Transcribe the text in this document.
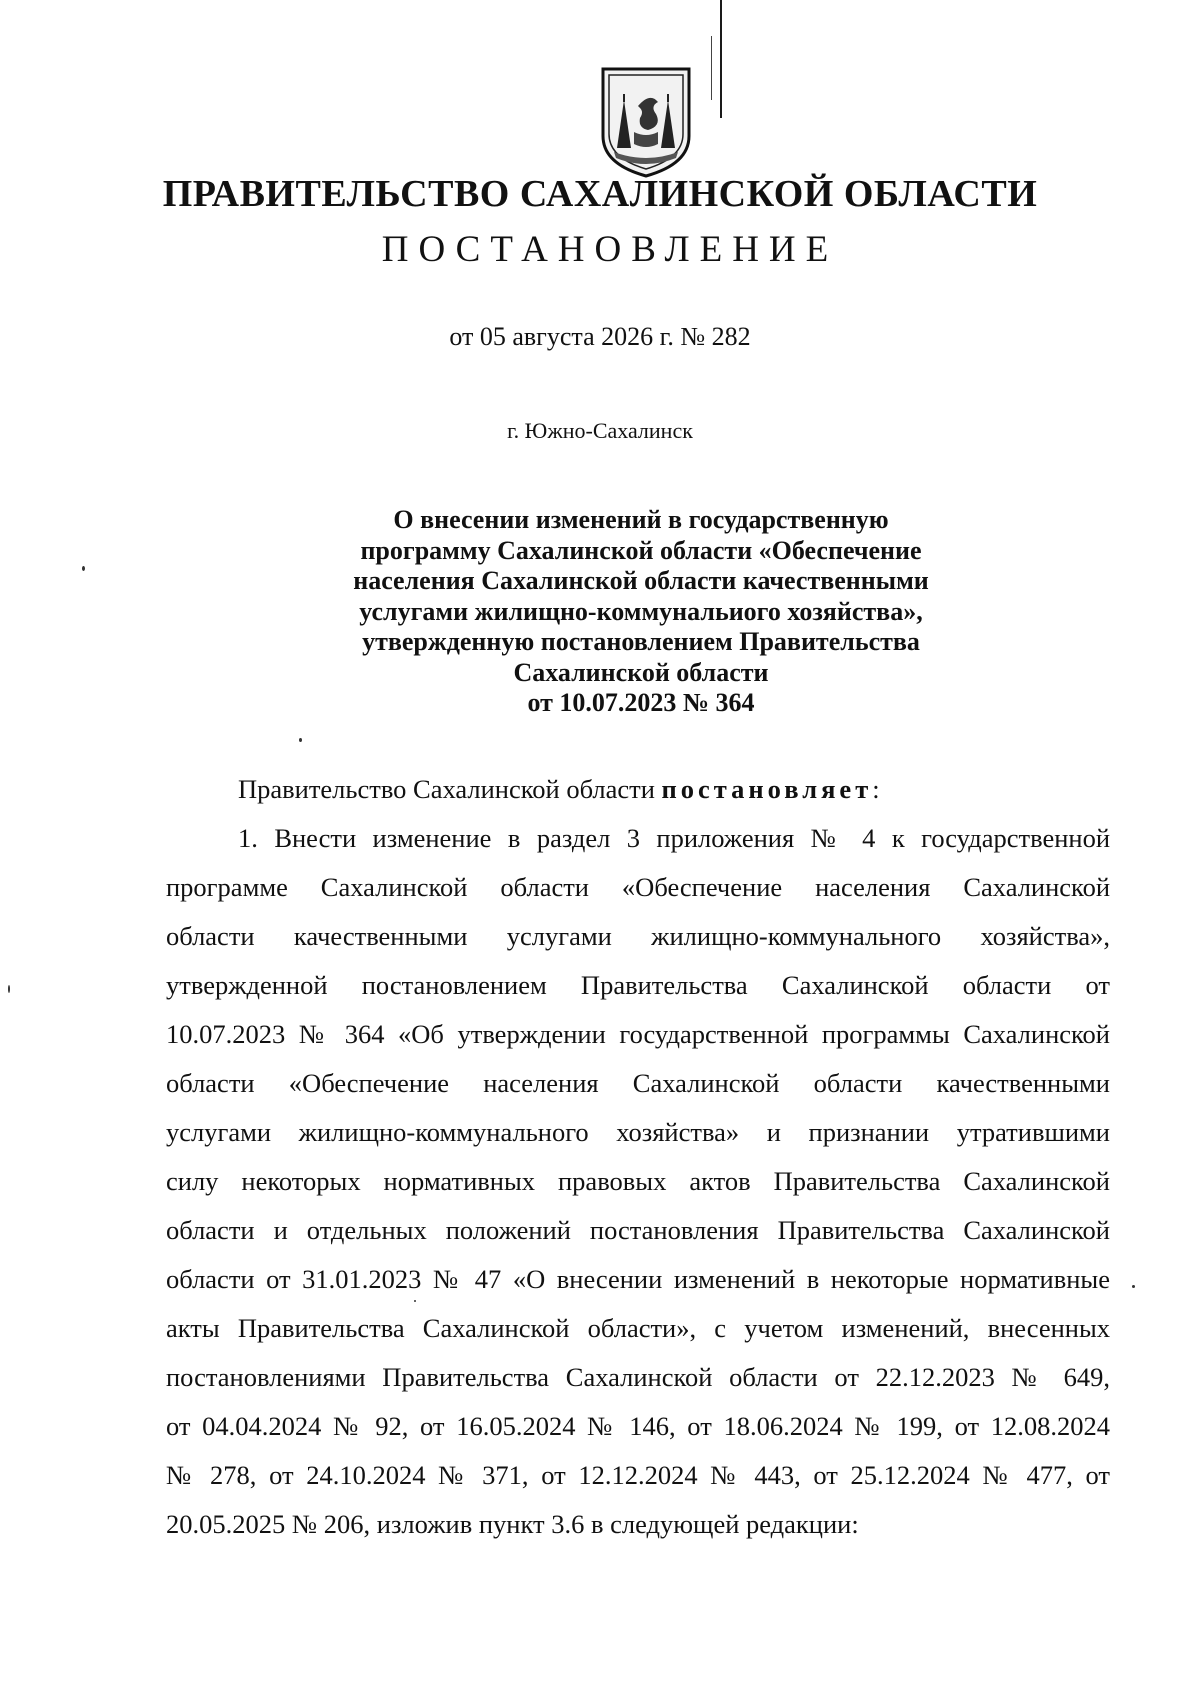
ПРАВИТЕЛЬСТВО САХАЛИНСКОЙ ОБЛАСТИ
ПОСТАНОВЛЕНИЕ
от 05 августа 2026 г. № 282
г. Южно-Сахалинск
О внесении изменений в государственную
программу Сахалинской области «Обеспечение
населения Сахалинской области качественными
услугами жилищно-коммунальиого хозяйства»,
утвержденную постановлением Правительства
Сахалинской области
от 10.07.2023 № 364
Правительство Сахалинской области постановляет:
1. Внести изменение в раздел 3 приложения № 4 к государственной
программе Сахалинской области «Обеспечение населения Сахалинской
области качественными услугами жилищно-коммунального хозяйства»,
утвержденной постановлением Правительства Сахалинской области от
10.07.2023 № 364 «Об утверждении государственной программы Сахалинской
области «Обеспечение населения Сахалинской области качественными
услугами жилищно-коммунального хозяйства» и признании утратившими
силу некоторых нормативных правовых актов Правительства Сахалинской
области и отдельных положений постановления Правительства Сахалинской
области от 31.01.2023 № 47 «О внесении изменений в некоторые нормативные
акты Правительства Сахалинской области», с учетом изменений, внесенных
постановлениями Правительства Сахалинской области от 22.12.2023 № 649,
от 04.04.2024 № 92, от 16.05.2024 № 146, от 18.06.2024 № 199, от 12.08.2024
№ 278, от 24.10.2024 № 371, от 12.12.2024 № 443, от 25.12.2024 № 477, от
20.05.2025 № 206, изложив пункт 3.6 в следующей редакции:
